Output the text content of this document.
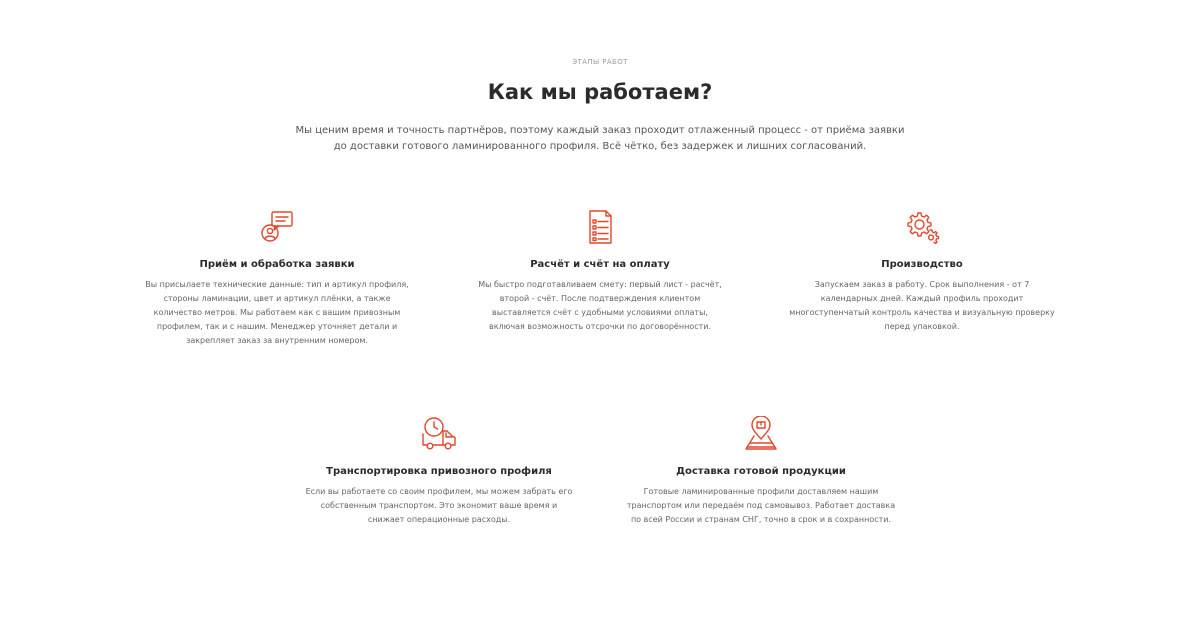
ЭТАПЫ РАБОТ
Как мы работаем?

Мы ценим время и точность партнёров, поэтому каждый заказ проходит отлаженный процесс - от приёма заявки до доставки готового ламинированного профиля. Всё чётко, без задержек и лишних согласований.

Приём и обработка заявки
Вы присылаете технические данные: тип и артикул профиля, стороны ламинации, цвет и артикул плёнки, а также количество метров. Мы работаем как с вашим привозным профилем, так и с нашим. Менеджер уточняет детали и закрепляет заказ за внутренним номером.
Расчёт и счёт на оплату
Мы быстро подготавливаем смету: первый лист - расчёт, второй - счёт. После подтверждения клиентом выставляется счёт с удобными условиями оплаты, включая возможность отсрочки по договорённости.
Производство
Запускаем заказ в работу. Срок выполнения - от 7 календарных дней. Каждый профиль проходит многоступенчатый контроль качества и визуальную проверку перед упаковкой.
Транспортировка привозного профиля
Если вы работаете со своим профилем, мы можем забрать его собственным транспортом. Это экономит ваше время и снижает операционные расходы.
Доставка готовой продукции
Готовые ламинированные профили доставляем нашим транспортом или передаём под самовывоз. Работает доставка по всей России и странам СНГ, точно в срок и в сохранности.
